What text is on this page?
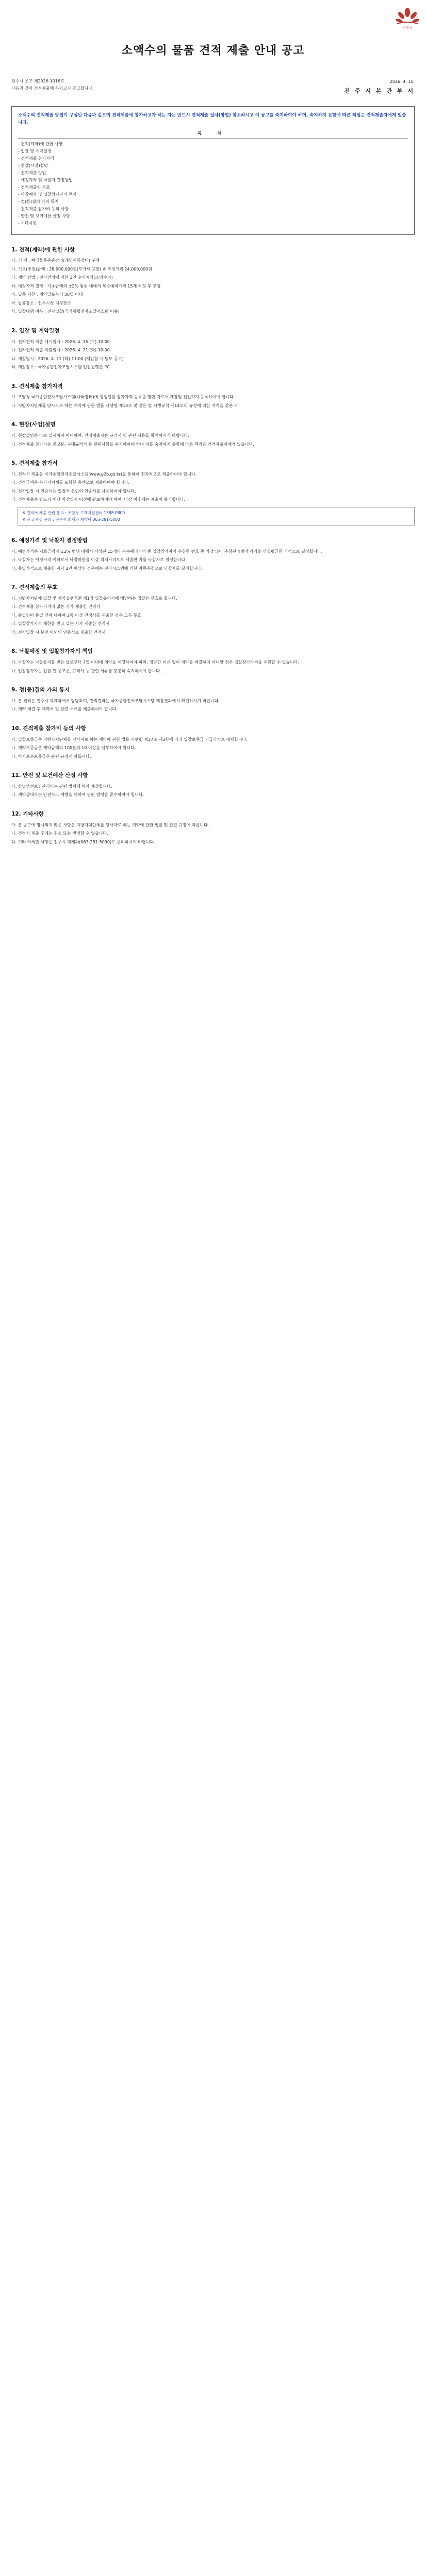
안동시
소액수의 물품 견적 제출 안내 공고
전주시 공고 제2026-1016호
다음과 같이 견적제출에 부치고자 공고합니다.
2026. 4. 15.
전 주 시 본 관 부 서
소액수의 견적제출 방법이 구성된 다음과 같으며 견적제출에 참가하고자 하는 자는 반드시 견적제출 절차(방법) 참고하시고 이 공고를 숙지하여야 하며, 숙지하지 못함에 따른 책임은 견적제출자에게 있습니다.
목 차
- 견적(계약)에 관한 사항
- 입찰 및 계약일정
- 견적제출 참가자격
- 현장(사업)설명
- 견적제출 방법
- 예정가격 및 낙찰자 결정방법
- 견적제출의 무효
- 낙찰예정 및 입찰참가자의 책임
- 정(등)결의 가의 통지
- 견적제출 참가비 등의 사항
- 안전 및 보건예산 산정 사항
- 기타사항
1. 견적(계약)에 관한 사항
가. 건 명 : 택배물품운송장비(개인피복장비) 구매
나. 기초(추정)금액 : 28,000,000원(부가세 포함) ※ 추정가격 24,000,000원
다. 계약 방법 : 전자견적에 의한 1인 수의계약(소액수의)
라. 예정가격 결정 : 기초금액의 ±2% 범위 내에서 복수예비가격 15개 작성 후 추첨
마. 납품 기한 : 계약일로부터 30일 이내
바. 납품장소 : 전주시청 지정장소
사. 입찰대행 여부 : 전자입찰(국가종합전자조달시스템 이용)
2. 입찰 및 계약일정
가. 전자견적 제출 개시일시 : 2026. 4. 15.(수) 10:00
나. 전자견적 제출 마감일시 : 2026. 4. 21.(화) 10:00
다. 개찰일시 : 2026. 4. 21.(화) 11:00 (재입찰 시 별도 공고)
라. 개찰장소 : 국가종합전자조달시스템 입찰집행관 PC
3. 견적제출 참가자격
가. 조달청 국가종합전자조달시스템(나라장터)에 경쟁입찰 참가자격 등록을 필한 자로서 개찰일 전일까지 등록하여야 합니다.
나. 지방자치단체를 당사자로 하는 계약에 관한 법률 시행령 제13조 및 같은 법 시행규칙 제14조의 규정에 의한 자격을 갖춘 자
4. 현장(사업)설명
가. 현장설명은 따로 실시하지 아니하며, 견적제출자는 규격서 및 관련 서류를 확인하시기 바랍니다.
나. 견적제출 참가자는 공고문, 구매규격서 등 관련사항을 숙지하여야 하며 이를 숙지하지 못함에 따른 책임은 견적제출자에게 있습니다.
5. 견적제출 참가서
가. 견적서 제출은 국가종합전자조달시스템(www.g2b.go.kr)을 통하여 전자적으로 제출하여야 합니다.
나. 견적금액은 부가가치세를 포함한 총액으로 제출하여야 합니다.
다. 전자입찰 시 인증서는 입찰자 본인의 인증서를 사용하여야 합니다.
라. 견적제출은 반드시 해당 마감일시 이전에 완료하여야 하며, 마감 이후에는 제출이 불가합니다.
※ 견적서 제출 관련 문의 : 조달청 고객지원센터 1588-0800
※ 공고 관련 문의 : 전주시 회계과 계약팀 063-281-5000
6. 예정가격 및 낙찰자 결정방법
가. 예정가격은 기초금액의 ±2% 범위 내에서 작성된 15개의 복수예비가격 중 입찰참가자가 추첨한 번호 중 가장 많이 추첨된 4개의 가격을 산술평균한 가격으로 결정합니다.
나. 낙찰자는 예정가격 이하로서 낙찰하한율 이상 최저가격으로 제출한 자를 낙찰자로 결정합니다.
다. 동일가격으로 제출한 자가 2인 이상인 경우에는 전자시스템에 의한 자동추첨으로 낙찰자를 결정합니다.
7. 견적제출의 무효
가. 지방자치단체 입찰 및 계약집행기준 제1장 입찰유의서에 해당하는 입찰은 무효로 합니다.
나. 견적제출 참가자격이 없는 자가 제출한 견적서
다. 동일인이 동일 건에 대하여 2통 이상 견적서를 제출한 경우 모두 무효
라. 입찰참가자격 제한을 받고 있는 자가 제출한 견적서
마. 전자입찰 시 본인 이외의 인증서로 제출한 견적서
8. 낙찰예정 및 입찰참가자의 책임
가. 낙찰자는 낙찰통지를 받은 날로부터 7일 이내에 계약을 체결하여야 하며, 정당한 이유 없이 계약을 체결하지 아니할 경우 입찰참가자격을 제한할 수 있습니다.
나. 입찰참가자는 입찰 전 공고문, 규격서 등 관련 서류를 충분히 숙지하여야 합니다.
9. 정(등)결의 가의 통지
가. 본 견적은 전주시 회계과에서 담당하며, 견적결과는 국가종합전자조달시스템 개찰결과에서 확인하시기 바랍니다.
나. 계약 체결 후 계약서 및 관련 서류를 제출하여야 합니다.
10. 견적제출 참가비 등의 사항
가. 입찰보증금은 지방자치단체를 당사자로 하는 계약에 관한 법률 시행령 제37조 제3항에 따라 입찰보증금 지급각서로 대체합니다.
나. 계약보증금은 계약금액의 100분의 10 이상을 납부하여야 합니다.
다. 하자보수보증금은 관련 규정에 따릅니다.
11. 안전 및 보건예산 산정 사항
가. 산업안전보건관리비는 관련 법령에 따라 계상합니다.
나. 계약상대자는 안전사고 예방을 위하여 관련 법령을 준수하여야 합니다.
12. 기타사항
가. 본 공고에 명시되지 않은 사항은 지방자치단체를 당사자로 하는 계약에 관한 법률 및 관련 규정에 따릅니다.
나. 견적서 제출 후에는 취소 또는 변경할 수 없습니다.
다. 기타 자세한 사항은 전주시 회계과(063-281-5000)로 문의하시기 바랍니다.
